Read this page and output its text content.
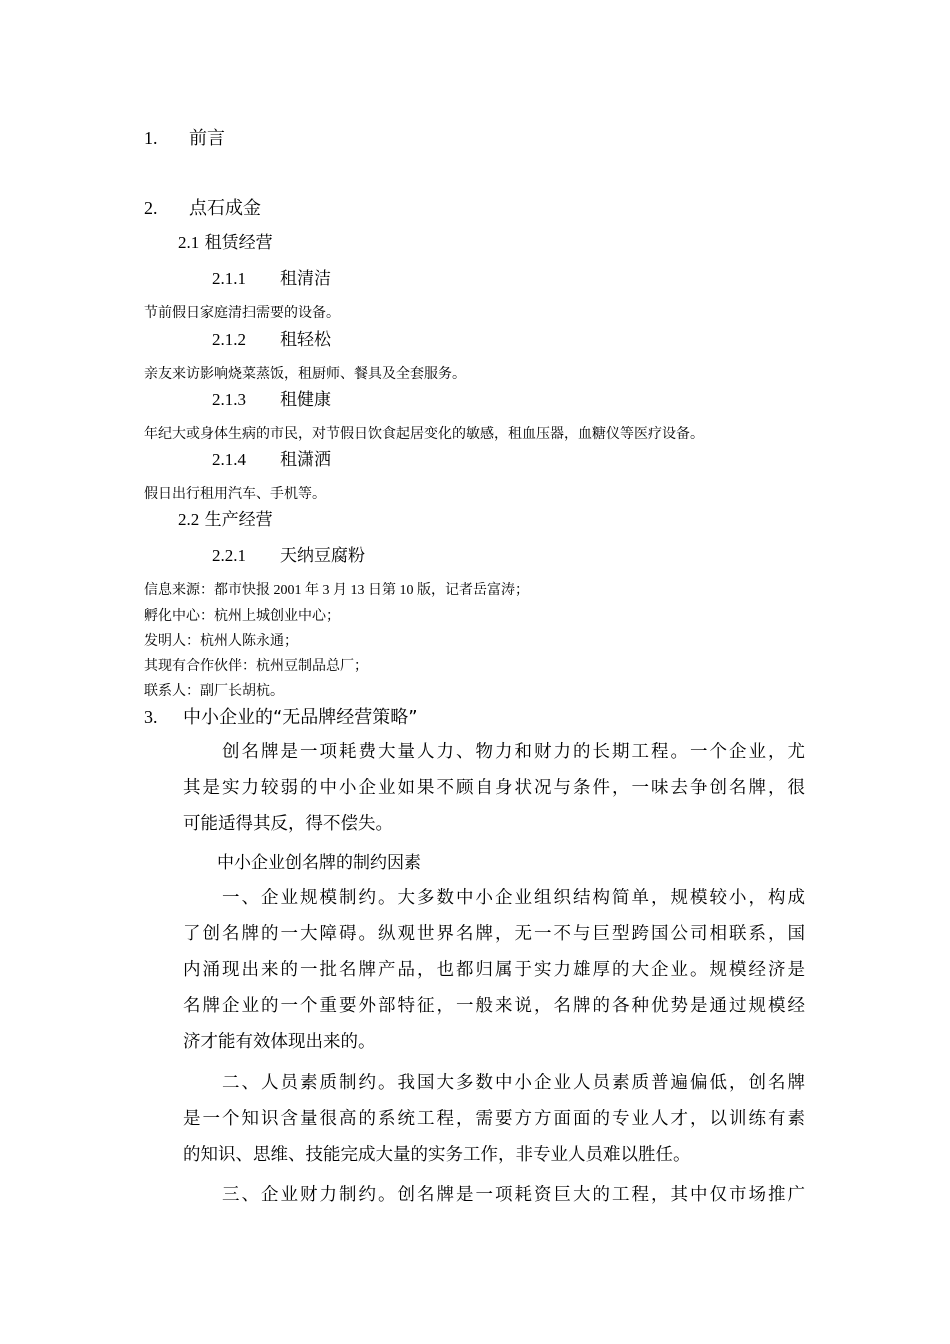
1. 前言
2. 点石成金
2.1 租赁经营
2.1.1 租清洁
节前假日家庭清扫需要的设备。
2.1.2 租轻松
亲友来访影响烧菜蒸饭，租厨师、餐具及全套服务。
2.1.3 租健康
年纪大或身体生病的市民，对节假日饮食起居变化的敏感，租血压器，血糖仪等医疗设备。
2.1.4 租潇洒
假日出行租用汽车、手机等。
2.2 生产经营
2.2.1 天纳豆腐粉
信息来源：都市快报 2001 年 3 月 13 日第 10 版，记者岳富涛；
孵化中心：杭州上城创业中心；
发明人：杭州人陈永通；
其现有合作伙伴：杭州豆制品总厂；
联系人：副厂长胡杭。
3. 中小企业的“无品牌经营策略”
　　创名牌是一项耗费大量人力、物力和财力的长期工程。一个企业，尤
其是实力较弱的中小企业如果不顾自身状况与条件，一味去争创名牌，很
可能适得其反，得不偿失。
　　中小企业创名牌的制约因素
　　一、企业规模制约。大多数中小企业组织结构简单，规模较小，构成
了创名牌的一大障碍。纵观世界名牌，无一不与巨型跨国公司相联系，国
内涌现出来的一批名牌产品，也都归属于实力雄厚的大企业。规模经济是
名牌企业的一个重要外部特征，一般来说，名牌的各种优势是通过规模经
济才能有效体现出来的。
　　二、人员素质制约。我国大多数中小企业人员素质普遍偏低，创名牌
是一个知识含量很高的系统工程，需要方方面面的专业人才，以训练有素
的知识、思维、技能完成大量的实务工作，非专业人员难以胜任。
　　三、企业财力制约。创名牌是一项耗资巨大的工程，其中仅市场推广
